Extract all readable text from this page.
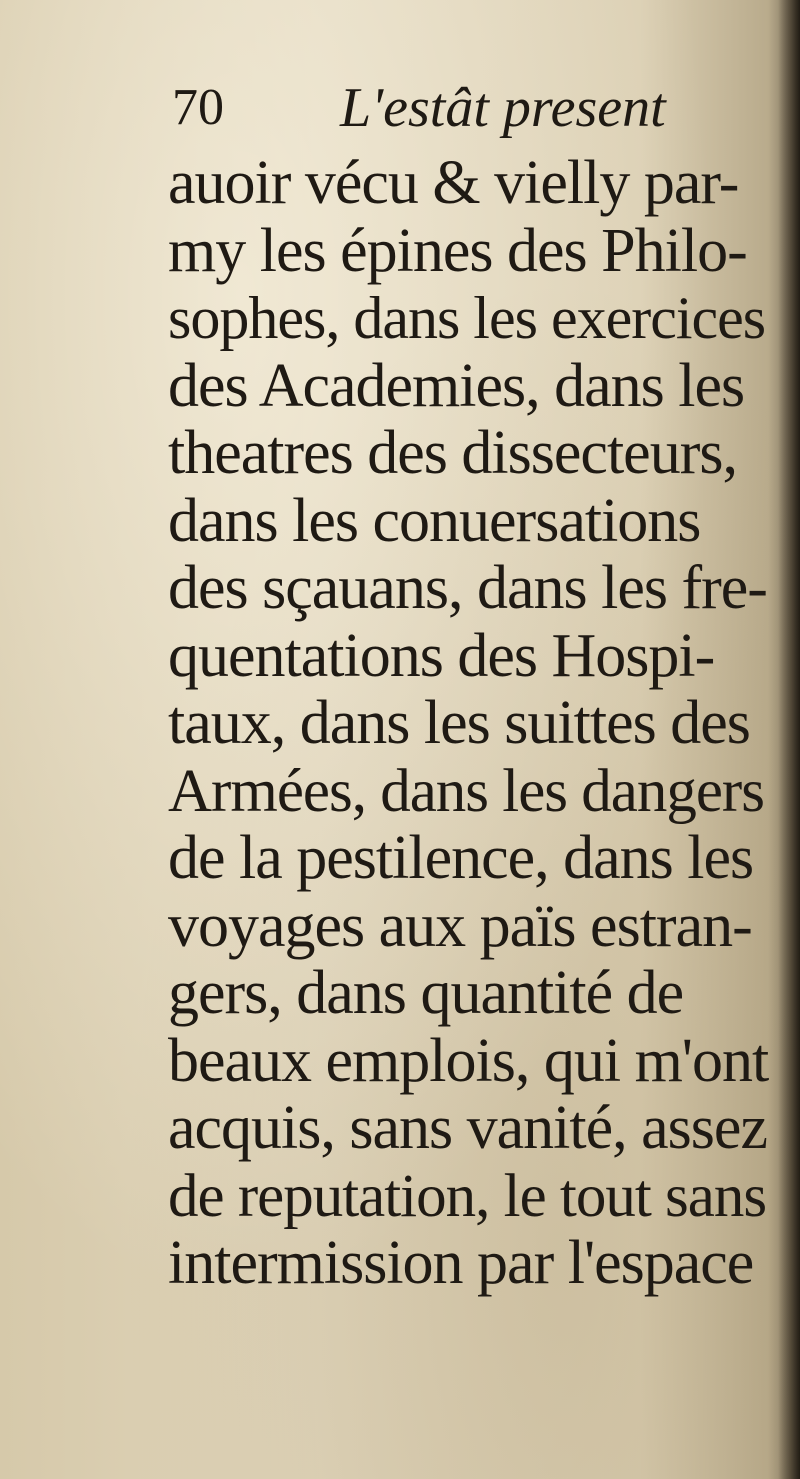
70 L'estât present
auoir vécu & vielly par-
my les épines des Philo-
sophes, dans les exercices
des Academies, dans les
theatres des dissecteurs,
dans les conuersations
des sçauans, dans les fre-
quentations des Hospi-
taux, dans les suittes des
Armées, dans les dangers
de la pestilence, dans les
voyages aux païs estran-
gers, dans quantité de
beaux emplois, qui m'ont
acquis, sans vanité, assez
de reputation, le tout sans
intermission par l'espace
